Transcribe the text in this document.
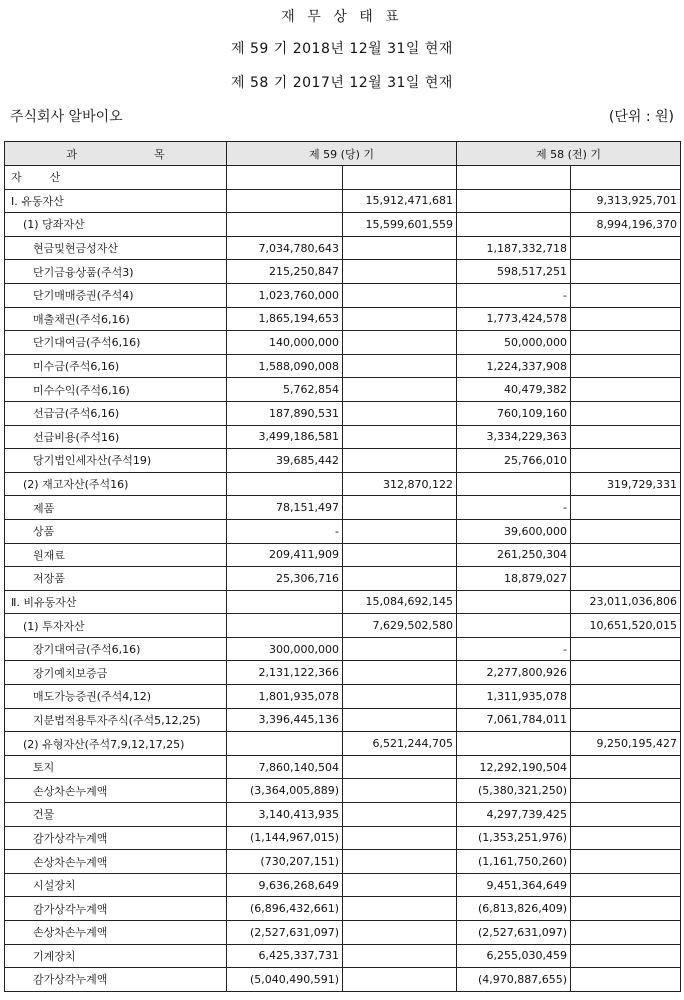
재 무 상 태 표
제 59 기 2018년 12월 31일 현재
제 58 기 2017년 12월 31일 현재
주식회사 알바이오	(단위 : 원)
과                      목	제 59 (당) 기		제 58 (전) 기	
자        산				
Ⅰ. 유동자산		15,912,471,681		9,313,925,701
(1) 당좌자산		15,599,601,559		8,994,196,370
현금및현금성자산	7,034,780,643		1,187,332,718	
단기금융상품(주석3)	215,250,847		598,517,251	
단기매매증권(주석4)	1,023,760,000		-	
매출채권(주석6,16)	1,865,194,653		1,773,424,578	
단기대여금(주석6,16)	140,000,000		50,000,000	
미수금(주석6,16)	1,588,090,008		1,224,337,908	
미수수익(주석6,16)	5,762,854		40,479,382	
선급금(주석6,16)	187,890,531		760,109,160	
선급비용(주석16)	3,499,186,581		3,334,229,363	
당기법인세자산(주석19)	39,685,442		25,766,010	
(2) 재고자산(주석16)		312,870,122		319,729,331
제품	78,151,497		-	
상품	-		39,600,000	
원재료	209,411,909		261,250,304	
저장품	25,306,716		18,879,027	
Ⅱ. 비유동자산		15,084,692,145		23,011,036,806
(1) 투자자산		7,629,502,580		10,651,520,015
장기대여금(주석6,16)	300,000,000		-	
장기예치보증금	2,131,122,366		2,277,800,926	
매도가능증권(주석4,12)	1,801,935,078		1,311,935,078	
지분법적용투자주식(주석5,12,25)	3,396,445,136		7,061,784,011	
(2) 유형자산(주석7,9,12,17,25)		6,521,244,705		9,250,195,427
토지	7,860,140,504		12,292,190,504	
손상차손누계액	(3,364,005,889)		(5,380,321,250)	
건물	3,140,413,935		4,297,739,425	
감가상각누계액	(1,144,967,015)		(1,353,251,976)	
손상차손누계액	(730,207,151)		(1,161,750,260)	
시설장치	9,636,268,649		9,451,364,649	
감가상각누계액	(6,896,432,661)		(6,813,826,409)	
손상차손누계액	(2,527,631,097)		(2,527,631,097)	
기계장치	6,425,337,731		6,255,030,459	
감가상각누계액	(5,040,490,591)		(4,970,887,655)	
